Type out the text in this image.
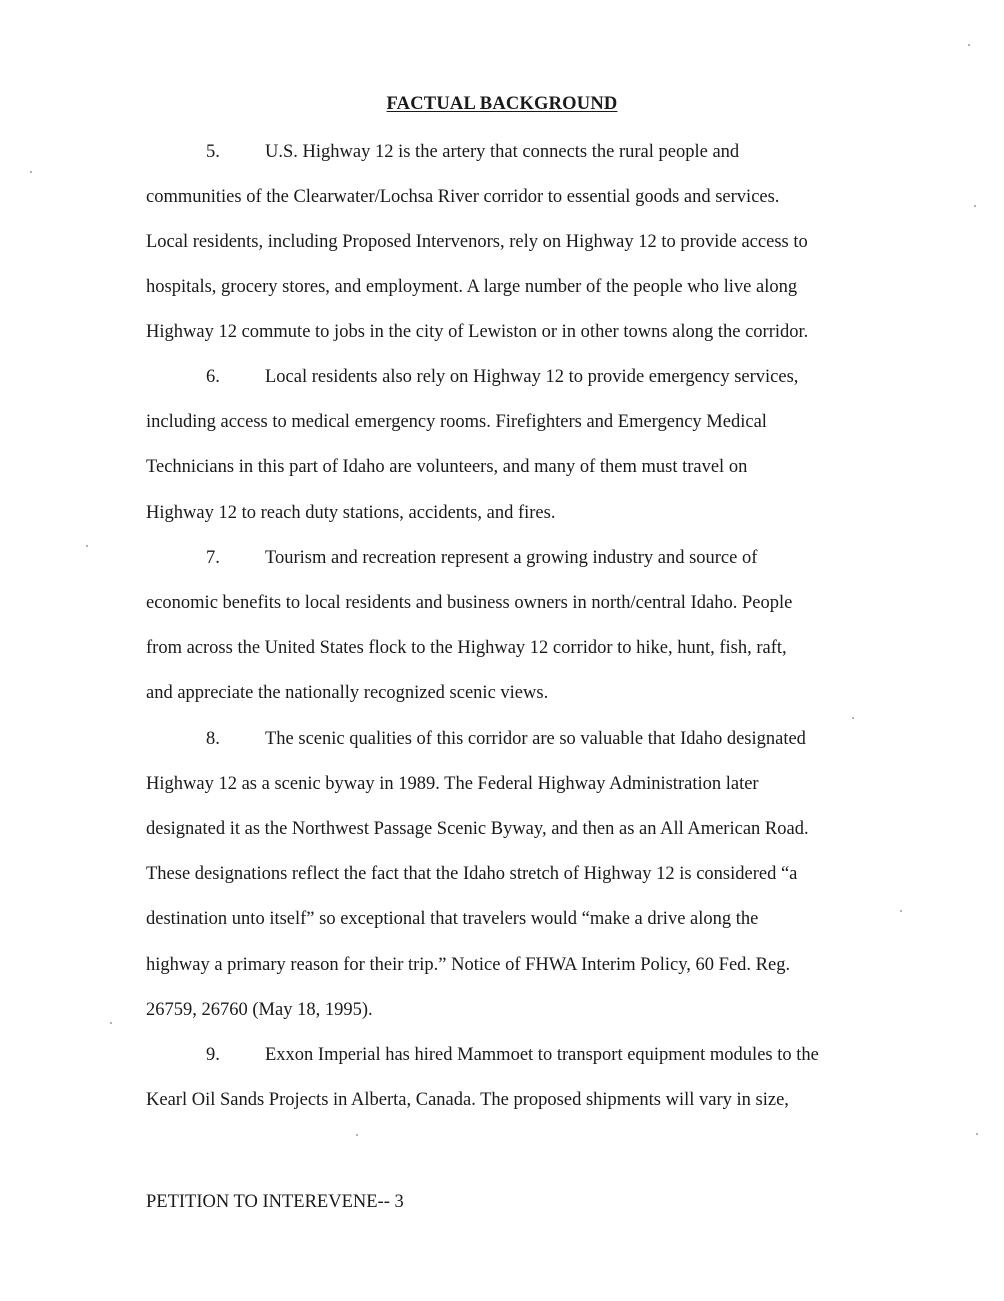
FACTUAL BACKGROUND
5. U.S. Highway 12 is the artery that connects the rural people and
communities of the Clearwater/Lochsa River corridor to essential goods and services.
Local residents, including Proposed Intervenors, rely on Highway 12 to provide access to
hospitals, grocery stores, and employment. A large number of the people who live along
Highway 12 commute to jobs in the city of Lewiston or in other towns along the corridor.
6. Local residents also rely on Highway 12 to provide emergency services,
including access to medical emergency rooms. Firefighters and Emergency Medical
Technicians in this part of Idaho are volunteers, and many of them must travel on
Highway 12 to reach duty stations, accidents, and fires.
7. Tourism and recreation represent a growing industry and source of
economic benefits to local residents and business owners in north/central Idaho. People
from across the United States flock to the Highway 12 corridor to hike, hunt, fish, raft,
and appreciate the nationally recognized scenic views.
8. The scenic qualities of this corridor are so valuable that Idaho designated
Highway 12 as a scenic byway in 1989. The Federal Highway Administration later
designated it as the Northwest Passage Scenic Byway, and then as an All American Road.
These designations reflect the fact that the Idaho stretch of Highway 12 is considered “a
destination unto itself” so exceptional that travelers would “make a drive along the
highway a primary reason for their trip.” Notice of FHWA Interim Policy, 60 Fed. Reg.
26759, 26760 (May 18, 1995).
9. Exxon Imperial has hired Mammoet to transport equipment modules to the
Kearl Oil Sands Projects in Alberta, Canada. The proposed shipments will vary in size,
PETITION TO INTEREVENE-- 3
